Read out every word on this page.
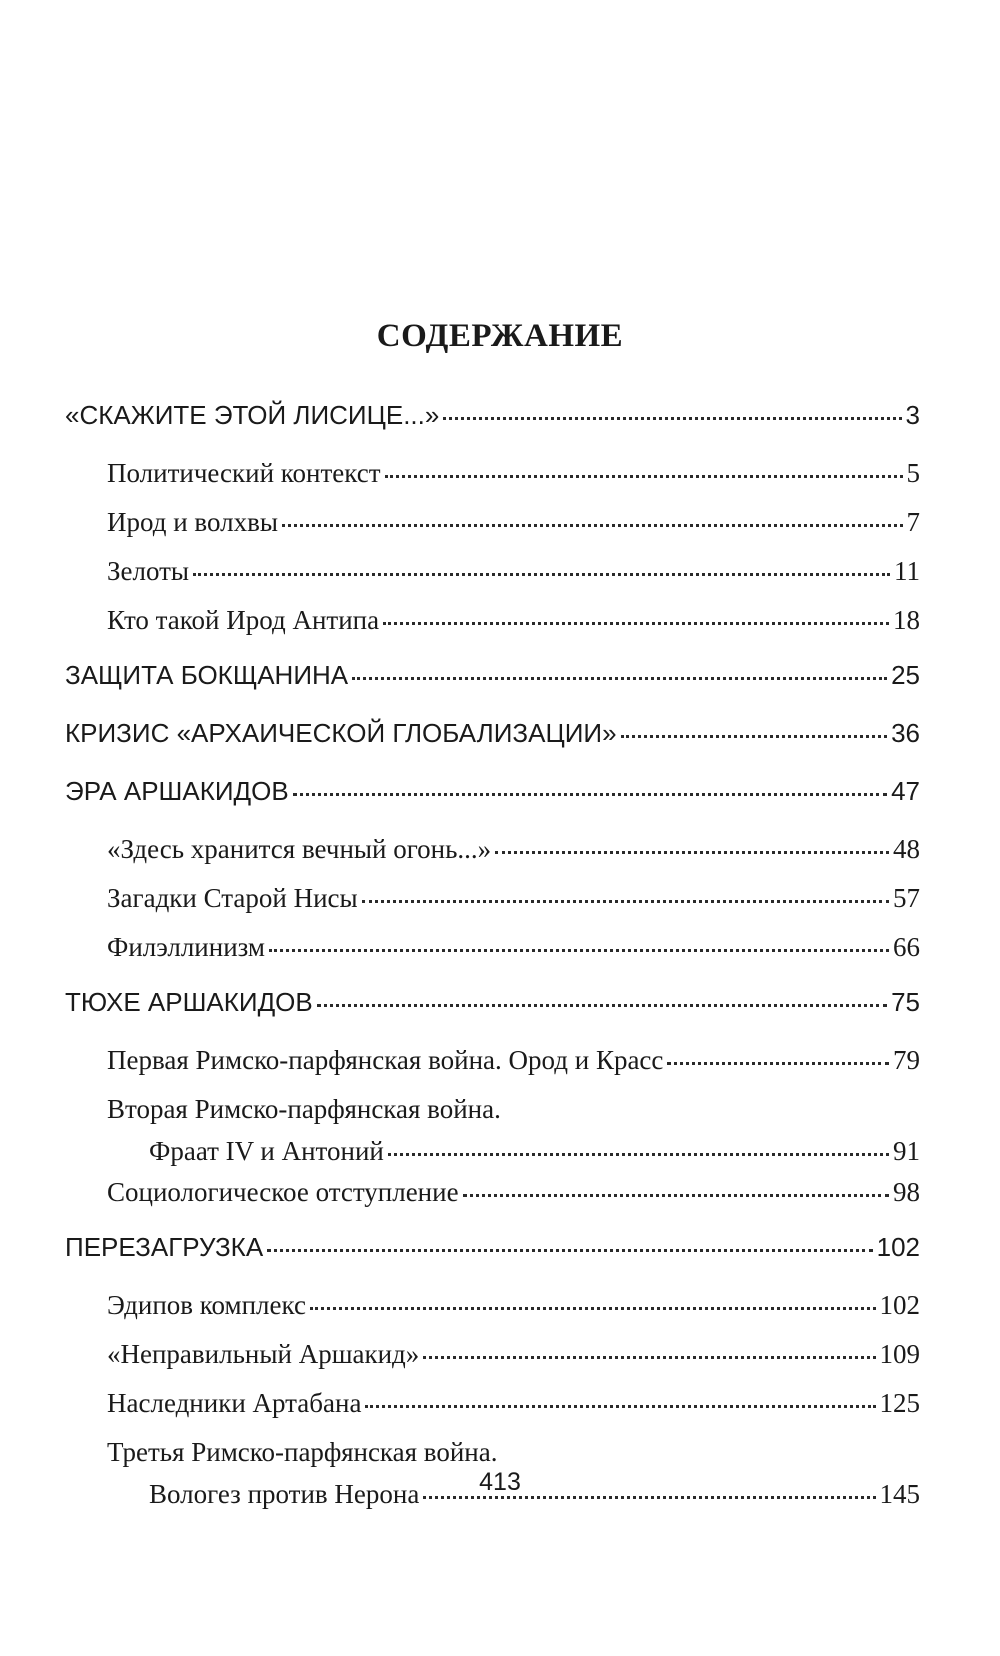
СОДЕРЖАНИЕ
«СКАЖИТЕ ЭТОЙ ЛИСИЦЕ...»	3
Политический контекст	5
Ирод и волхвы	7
Зелоты	11
Кто такой Ирод Антипа	18
ЗАЩИТА БОКЩАНИНА	25
КРИЗИС «АРХАИЧЕСКОЙ ГЛОБАЛИЗАЦИИ»	36
ЭРА АРШАКИДОВ	47
«Здесь хранится вечный огонь...»	48
Загадки Старой Нисы	57
Филэллинизм	66
ТЮХЕ АРШАКИДОВ	75
Первая Римско-парфянская война. Ород и Красс	79
Вторая Римско-парфянская война.
Фраат IV и Антоний	91
Социологическое отступление	98
ПЕРЕЗАГРУЗКА	102
Эдипов комплекс	102
«Неправильный Аршакид»	109
Наследники Артабана	125
Третья Римско-парфянская война.
Вологез против Нерона	145
413
